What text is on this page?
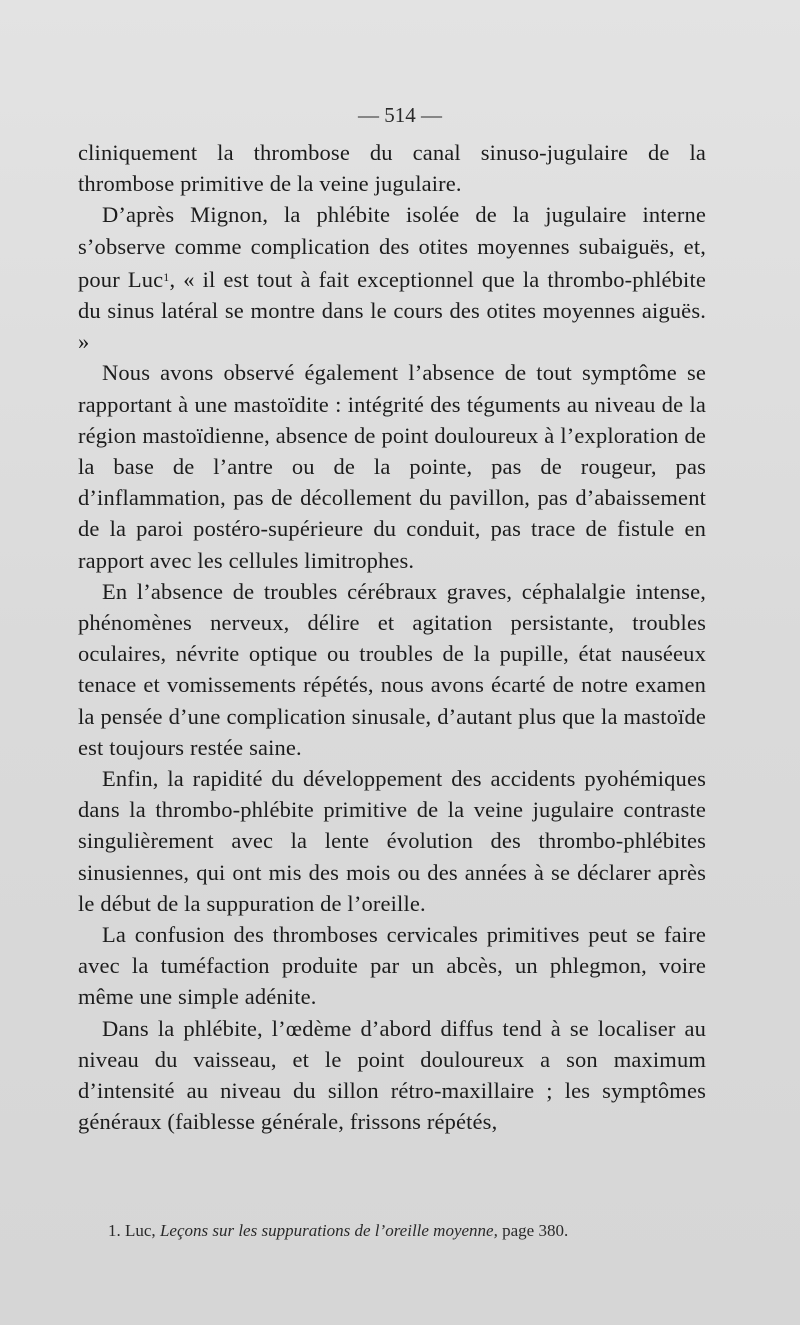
— 514 —

cliniquement la thrombose du canal sinuso-jugulaire de la thrombose primitive de la veine jugulaire.

D’après Mignon, la phlébite isolée de la jugulaire interne s’observe comme complication des otites moyennes subaiguës, et, pour Luc$^1$, « il est tout à fait exceptionnel que la thrombo-phlébite du sinus latéral se montre dans le cours des otites moyennes aiguës. »

Nous avons observé également l’absence de tout symptôme se rapportant à une mastoïdite : intégrité des téguments au niveau de la région mastoïdienne, absence de point douloureux à l’exploration de la base de l’antre ou de la pointe, pas de rougeur, pas d’inflammation, pas de décollement du pavillon, pas d’abaissement de la paroi postéro-supérieure du conduit, pas trace de fistule en rapport avec les cellules limitrophes.

En l’absence de troubles cérébraux graves, céphalalgie intense, phénomènes nerveux, délire et agitation persistante, troubles oculaires, névrite optique ou troubles de la pupille, état nauséeux tenace et vomissements répétés, nous avons écarté de notre examen la pensée d’une complication sinusale, d’autant plus que la mastoïde est toujours restée saine.

Enfin, la rapidité du développement des accidents pyohémiques dans la thrombo-phlébite primitive de la veine jugulaire contraste singulièrement avec la lente évolution des thrombo-phlébites sinusiennes, qui ont mis des mois ou des années à se déclarer après le début de la suppuration de l’oreille.

La confusion des thromboses cervicales primitives peut se faire avec la tuméfaction produite par un abcès, un phlegmon, voire même une simple adénite.

Dans la phlébite, l’œdème d’abord diffus tend à se localiser au niveau du vaisseau, et le point douloureux a son maximum d’intensité au niveau du sillon rétro-maxillaire ; les symptômes généraux (faiblesse générale, frissons répétés,

1. Luc, Leçons sur les suppurations de l’oreille moyenne, page 380.
